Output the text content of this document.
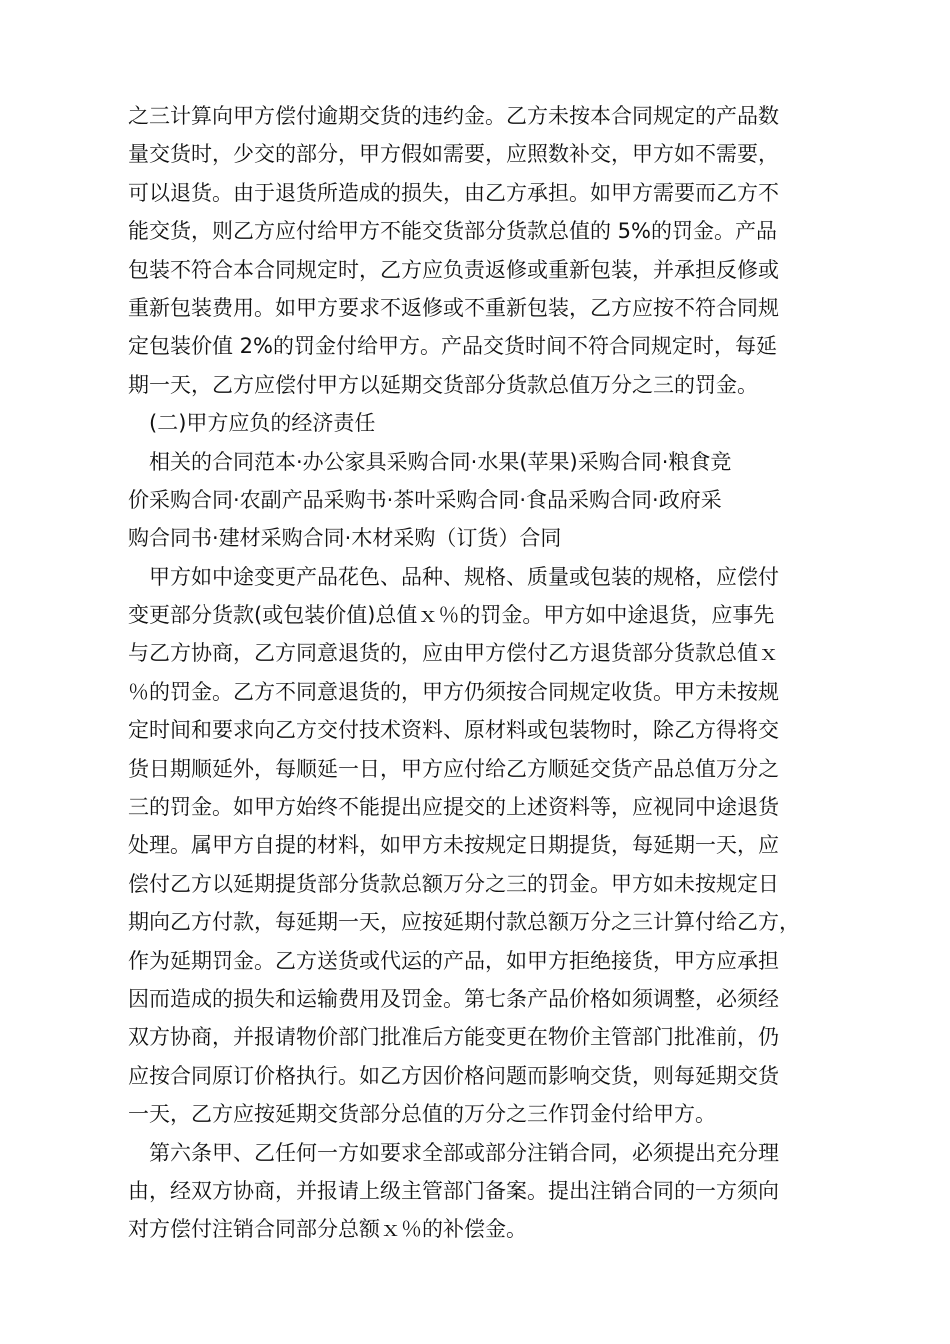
之三计算向甲方偿付逾期交货的违约金。乙方未按本合同规定的产品数
量交货时，少交的部分，甲方假如需要，应照数补交，甲方如不需要，
可以退货。由于退货所造成的损失，由乙方承担。如甲方需要而乙方不
能交货，则乙方应付给甲方不能交货部分货款总值的 5%的罚金。产品
包装不符合本合同规定时，乙方应负责返修或重新包装，并承担反修或
重新包装费用。如甲方要求不返修或不重新包装，乙方应按不符合同规
定包装价值 2%的罚金付给甲方。产品交货时间不符合同规定时，每延
期一天，乙方应偿付甲方以延期交货部分货款总值万分之三的罚金。
(二)甲方应负的经济责任
相关的合同范本·办公家具采购合同·水果(苹果)采购合同·粮食竞
价采购合同·农副产品采购书·茶叶采购合同·食品采购合同·政府采
购合同书·建材采购合同·木材采购（订货）合同
甲方如中途变更产品花色、品种、规格、质量或包装的规格，应偿付
变更部分货款(或包装价值)总值ｘ％的罚金。甲方如中途退货，应事先
与乙方协商，乙方同意退货的，应由甲方偿付乙方退货部分货款总值ｘ
％的罚金。乙方不同意退货的，甲方仍须按合同规定收货。甲方未按规
定时间和要求向乙方交付技术资料、原材料或包装物时，除乙方得将交
货日期顺延外，每顺延一日，甲方应付给乙方顺延交货产品总值万分之
三的罚金。如甲方始终不能提出应提交的上述资料等，应视同中途退货
处理。属甲方自提的材料，如甲方未按规定日期提货，每延期一天，应
偿付乙方以延期提货部分货款总额万分之三的罚金。甲方如未按规定日
期向乙方付款，每延期一天，应按延期付款总额万分之三计算付给乙方，
作为延期罚金。乙方送货或代运的产品，如甲方拒绝接货，甲方应承担
因而造成的损失和运输费用及罚金。第七条产品价格如须调整，必须经
双方协商，并报请物价部门批准后方能变更在物价主管部门批准前，仍
应按合同原订价格执行。如乙方因价格问题而影响交货，则每延期交货
一天，乙方应按延期交货部分总值的万分之三作罚金付给甲方。
第六条甲、乙任何一方如要求全部或部分注销合同，必须提出充分理
由，经双方协商，并报请上级主管部门备案。提出注销合同的一方须向
对方偿付注销合同部分总额ｘ％的补偿金。
